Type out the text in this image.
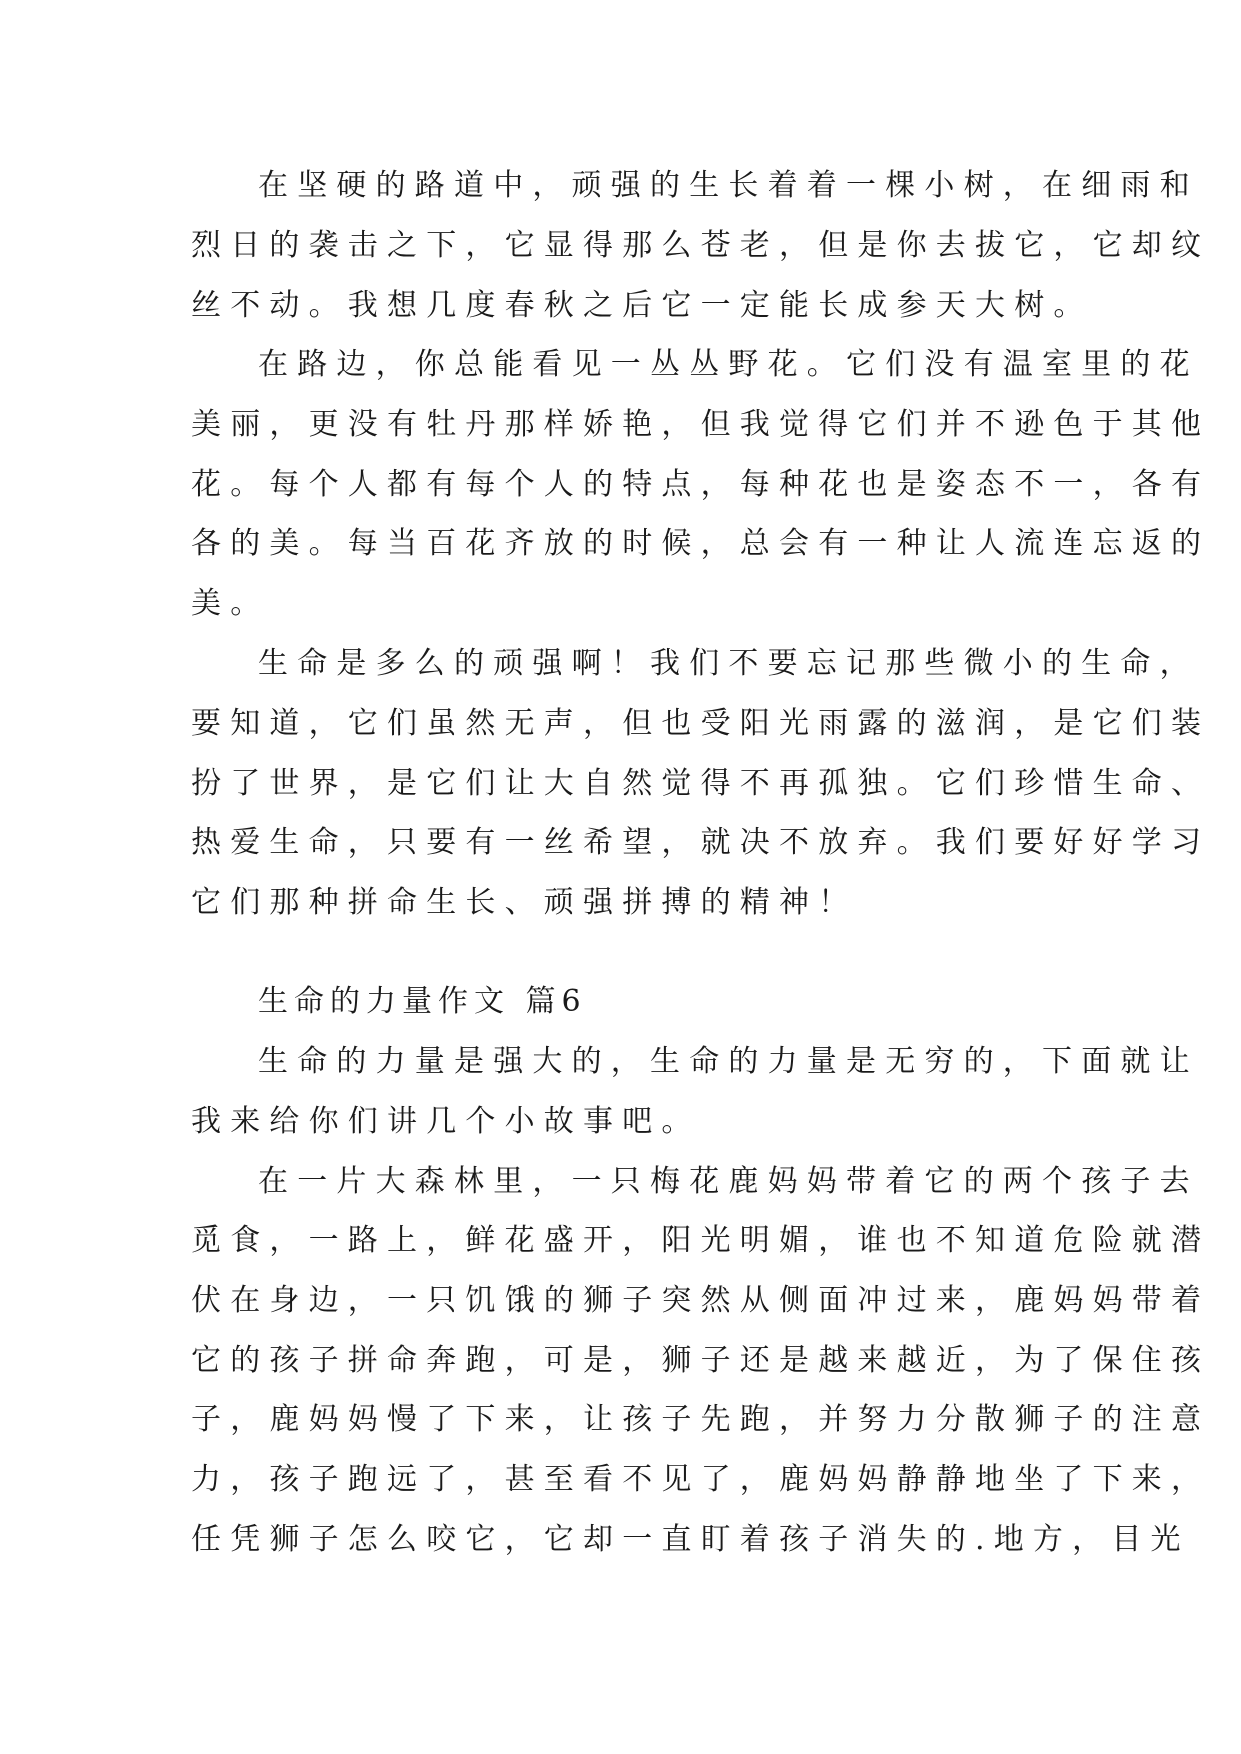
在坚硬的路道中，顽强的生长着着一棵小树，在细雨和
烈日的袭击之下，它显得那么苍老，但是你去拔它，它却纹
丝不动。我想几度春秋之后它一定能长成参天大树。
在路边，你总能看见一丛丛野花。它们没有温室里的花
美丽，更没有牡丹那样娇艳，但我觉得它们并不逊色于其他
花。每个人都有每个人的特点，每种花也是姿态不一，各有
各的美。每当百花齐放的时候，总会有一种让人流连忘返的
美。
生命是多么的顽强啊！我们不要忘记那些微小的生命，
要知道，它们虽然无声，但也受阳光雨露的滋润，是它们装
扮了世界，是它们让大自然觉得不再孤独。它们珍惜生命、
热爱生命，只要有一丝希望，就决不放弃。我们要好好学习
它们那种拼命生长、顽强拼搏的精神！
生命的力量作文 篇6
生命的力量是强大的，生命的力量是无穷的，下面就让
我来给你们讲几个小故事吧。
在一片大森林里，一只梅花鹿妈妈带着它的两个孩子去
觅食，一路上，鲜花盛开，阳光明媚，谁也不知道危险就潜
伏在身边，一只饥饿的狮子突然从侧面冲过来，鹿妈妈带着
它的孩子拼命奔跑，可是，狮子还是越来越近，为了保住孩
子，鹿妈妈慢了下来，让孩子先跑，并努力分散狮子的注意
力，孩子跑远了，甚至看不见了，鹿妈妈静静地坐了下来，
任凭狮子怎么咬它，它却一直盯着孩子消失的.地方，目光
